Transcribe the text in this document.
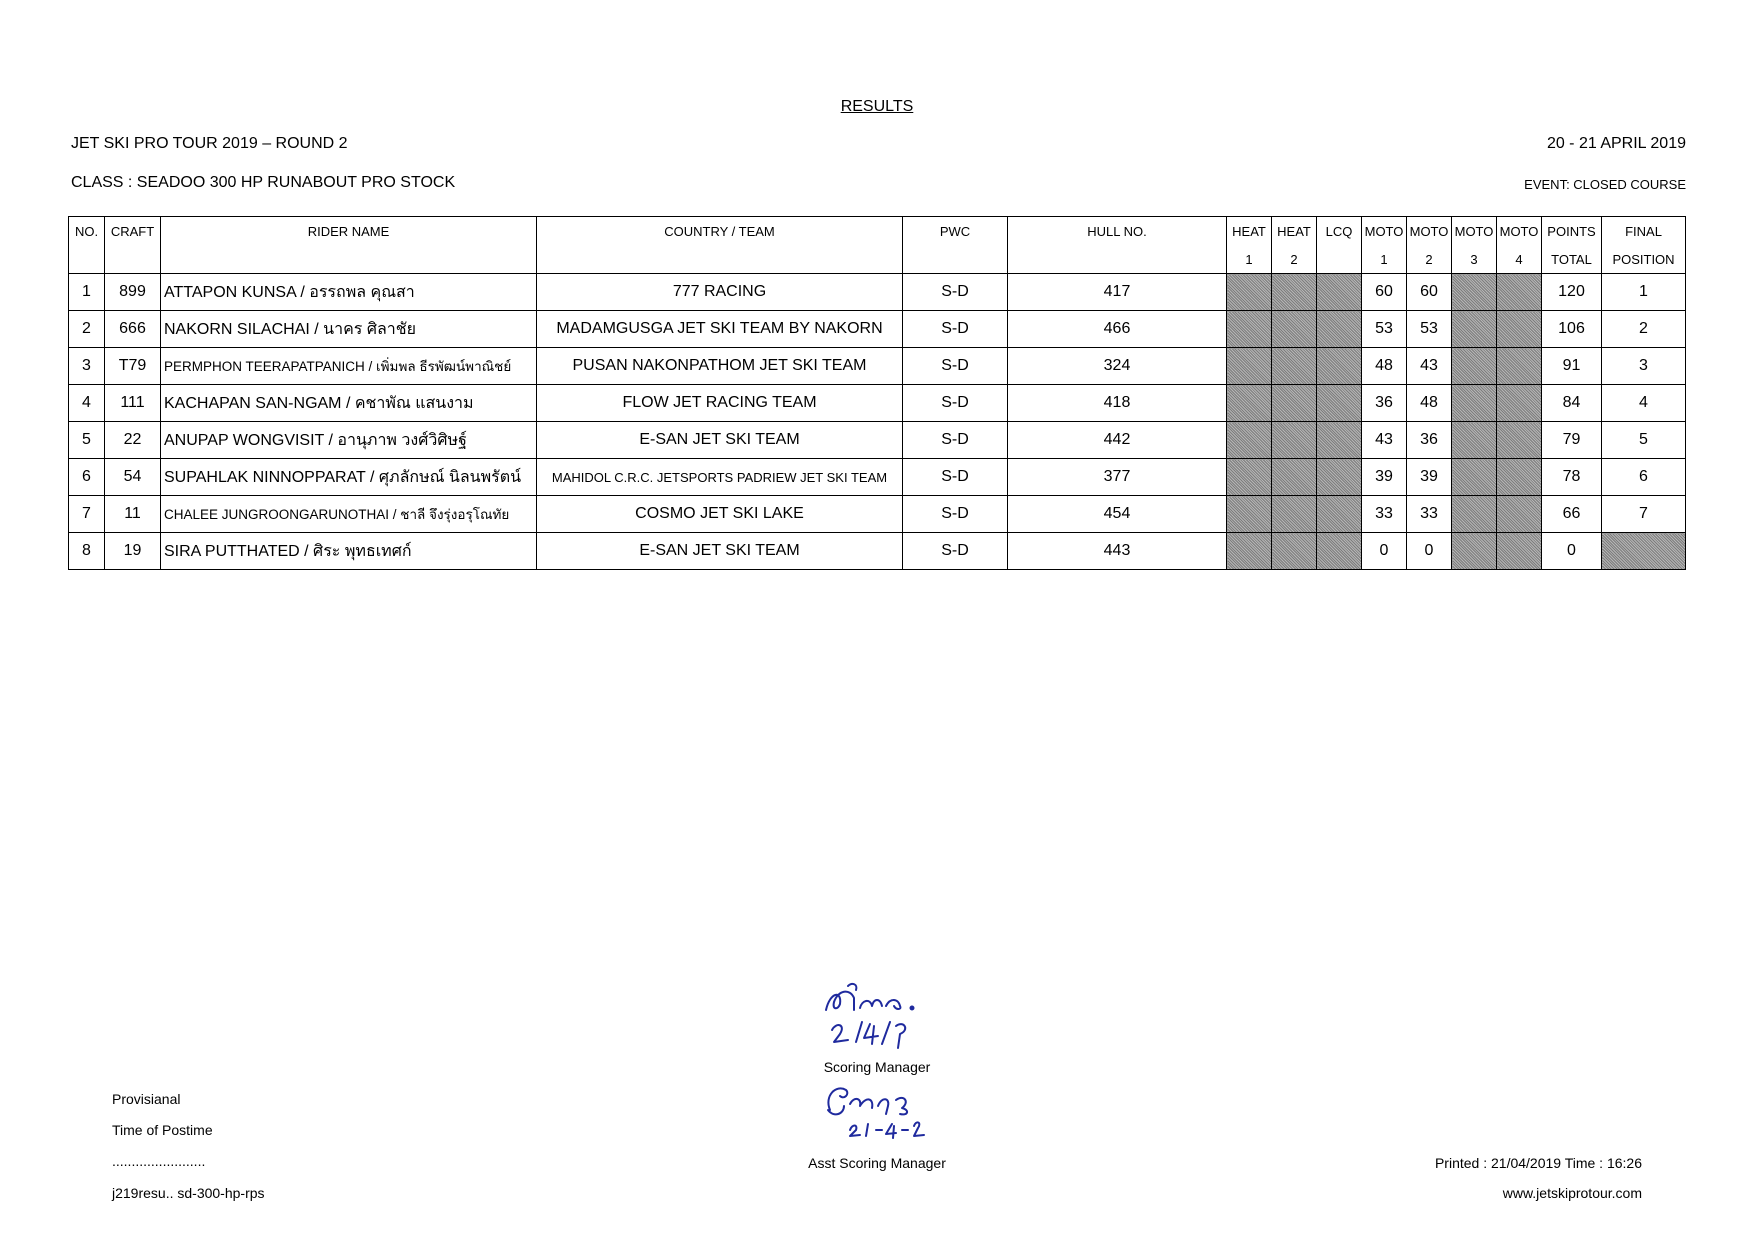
RESULTS
JET SKI PRO TOUR 2019 – ROUND 2	20 - 21 APRIL 2019
CLASS : SEADOO 300 HP RUNABOUT PRO STOCK	EVENT: CLOSED COURSE
NO.	CRAFT	RIDER NAME	COUNTRY / TEAM	PWC	HULL NO.	HEAT	HEAT	LCQ	MOTO	MOTO	MOTO	MOTO	POINTS	FINAL
						1	2		1	2	3	4	TOTAL	POSITION
1	899	ATTAPON KUNSA / อรรถพล คุณสา	777 RACING	S-D	417				60	60			120	1
2	666	NAKORN SILACHAI / นาคร ศิลาชัย	MADAMGUSGA JET SKI TEAM BY NAKORN	S-D	466				53	53			106	2
3	T79	PERMPHON TEERAPATPANICH / เพิ่มพล ธีรพัฒน์พาณิชย์	PUSAN NAKONPATHOM JET SKI TEAM	S-D	324				48	43			91	3
4	111	KACHAPAN SAN-NGAM / คชาพัณ แสนงาม	FLOW JET RACING TEAM	S-D	418				36	48			84	4
5	22	ANUPAP WONGVISIT / อานุภาพ วงศ์วิศิษฐ์	E-SAN JET SKI TEAM	S-D	442				43	36			79	5
6	54	SUPAHLAK NINNOPPARAT / ศุภลักษณ์ นิลนพรัตน์	MAHIDOL C.R.C. JETSPORTS PADRIEW JET SKI TEAM	S-D	377				39	39			78	6
7	11	CHALEE JUNGROONGARUNOTHAI / ชาลี จึงรุ่งอรุโณทัย	COSMO JET SKI LAKE	S-D	454				33	33			66	7
8	19	SIRA PUTTHATED / ศิระ พุทธเทศก์	E-SAN JET SKI TEAM	S-D	443				0	0			0	
Scoring Manager
Asst Scoring Manager
Provisianal
Time of Postime
........................
j219resu.. sd-300-hp-rps
Printed : 21/04/2019 Time : 16:26
www.jetskiprotour.com
